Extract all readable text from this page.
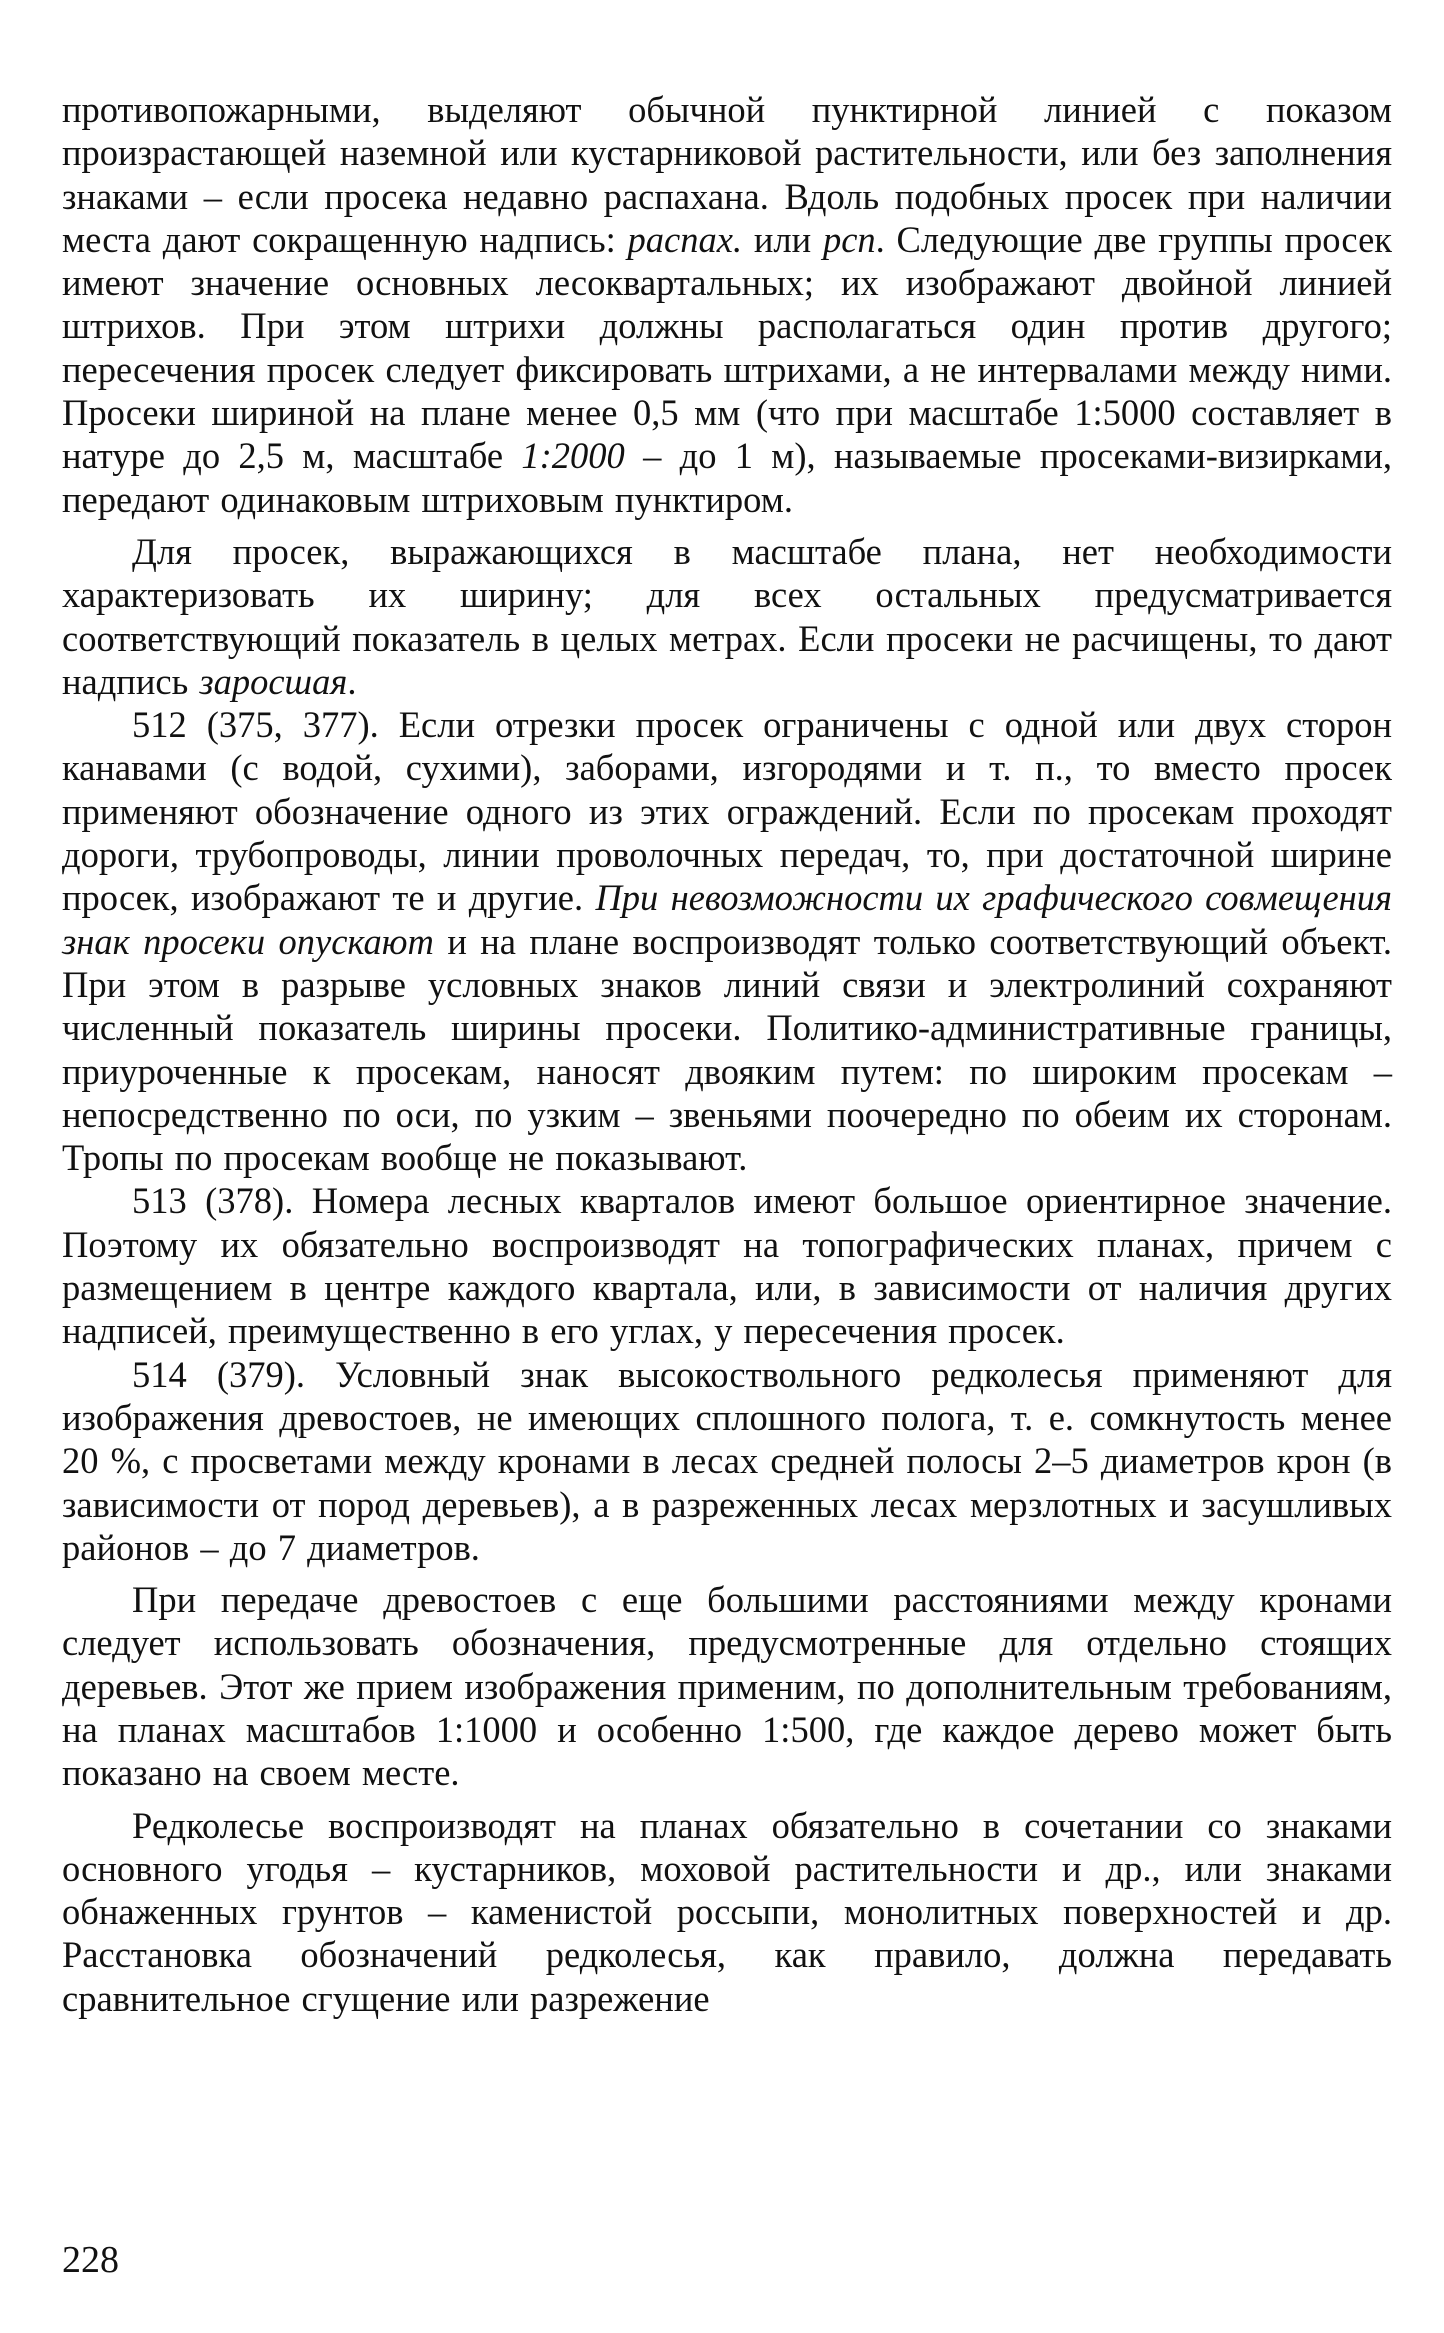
противопожарными, выделяют обычной пунктирной линией с показом произрастающей наземной или кустарниковой растительности, или без заполнения знаками – если просека недавно распахана. Вдоль подобных просек при наличии места дают сокращенную надпись: распах. или рсп. Следующие две группы просек имеют значение основных лесоквартальных; их изображают двойной линией штрихов. При этом штрихи должны располагаться один против другого; пересечения просек следует фиксировать штрихами, а не интервалами между ними. Просеки шириной на плане менее 0,5 мм (что при масштабе 1:5000 составляет в натуре до 2,5 м, масштабе 1:2000 – до 1 м), называемые просеками-визирками, передают одинаковым штриховым пунктиром.

Для просек, выражающихся в масштабе плана, нет необходимости характеризовать их ширину; для всех остальных предусматривается соответствующий показатель в целых метрах. Если просеки не расчищены, то дают надпись заросшая.

512 (375, 377). Если отрезки просек ограничены с одной или двух сторон канавами (с водой, сухими), заборами, изгородями и т. п., то вместо просек применяют обозначение одного из этих ограждений. Если по просекам проходят дороги, трубопроводы, линии проволочных передач, то, при достаточной ширине просек, изображают те и другие. При невозможности их графического совмещения знак просеки опускают и на плане воспроизводят только соответствующий объект. При этом в разрыве условных знаков линий связи и электролиний сохраняют численный показатель ширины просеки. Политико-административные границы, приуроченные к просекам, наносят двояким путем: по широким просекам – непосредственно по оси, по узким – звеньями поочередно по обеим их сторонам. Тропы по просекам вообще не показывают.

513 (378). Номера лесных кварталов имеют большое ориентирное значение. Поэтому их обязательно воспроизводят на топографических планах, причем с размещением в центре каждого квартала, или, в зависимости от наличия других надписей, преимущественно в его углах, у пересечения просек.

514 (379). Условный знак высокоствольного редколесья применяют для изображения древостоев, не имеющих сплошного полога, т. е. сомкнутость менее 20 %, с просветами между кронами в лесах средней полосы 2–5 диаметров крон (в зависимости от пород деревьев), а в разреженных лесах мерзлотных и засушливых районов – до 7 диаметров.

При передаче древостоев с еще большими расстояниями между кронами следует использовать обозначения, предусмотренные для отдельно стоящих деревьев. Этот же прием изображения применим, по дополнительным требованиям, на планах масштабов 1:1000 и особенно 1:500, где каждое дерево может быть показано на своем месте.

Редколесье воспроизводят на планах обязательно в сочетании со знаками основного угодья – кустарников, моховой растительности и др., или знаками обнаженных грунтов – каменистой россыпи, монолитных поверхностей и др. Расстановка обозначений редколесья, как правило, должна передавать сравнительное сгущение или разрежение

228
